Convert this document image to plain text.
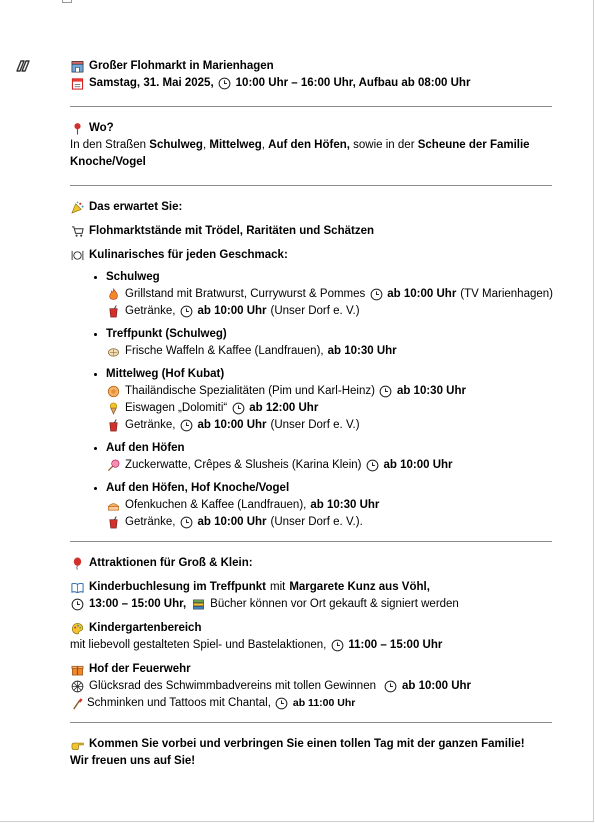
Großer Flohmarkt in Marienhagen
Samstag, 31. Mai 2025, 10:00 Uhr – 16:00 Uhr, Aufbau ab 08:00 Uhr
Wo?
In den Straßen Schulweg, Mittelweg, Auf den Höfen, sowie in der Scheune der Familie Knoche/Vogel
Das erwartet Sie:
Flohmarktstände mit Trödel, Raritäten und Schätzen
Kulinarisches für jeden Geschmack:
• Schulweg
Grillstand mit Bratwurst, Currywurst & Pommes ab 10:00 Uhr (TV Marienhagen)
Getränke, ab 10:00 Uhr (Unser Dorf e. V.)
• Treffpunkt (Schulweg)
Frische Waffeln & Kaffee (Landfrauen), ab 10:30 Uhr
• Mittelweg (Hof Kubat)
Thailändische Spezialitäten (Pim und Karl-Heinz) ab 10:30 Uhr
Eiswagen „Dolomiti“ ab 12:00 Uhr
Getränke, ab 10:00 Uhr (Unser Dorf e. V.)
• Auf den Höfen
Zuckerwatte, Crêpes & Slusheis (Karina Klein) ab 10:00 Uhr
• Auf den Höfen, Hof Knoche/Vogel
Ofenkuchen & Kaffee (Landfrauen), ab 10:30 Uhr
Getränke, ab 10:00 Uhr (Unser Dorf e. V.).
Attraktionen für Groß & Klein:
Kinderbuchlesung im Treffpunkt mit Margarete Kunz aus Vöhl,
13:00 – 15:00 Uhr, Bücher können vor Ort gekauft & signiert werden
Kindergartenbereich
mit liebevoll gestalteten Spiel- und Bastelaktionen, 11:00 – 15:00 Uhr
Hof der Feuerwehr
Glücksrad des Schwimmbadvereins mit tollen Gewinnen ab 10:00 Uhr
Schminken und Tattoos mit Chantal, ab 11:00 Uhr
Kommen Sie vorbei und verbringen Sie einen tollen Tag mit der ganzen Familie!
Wir freuen uns auf Sie!
